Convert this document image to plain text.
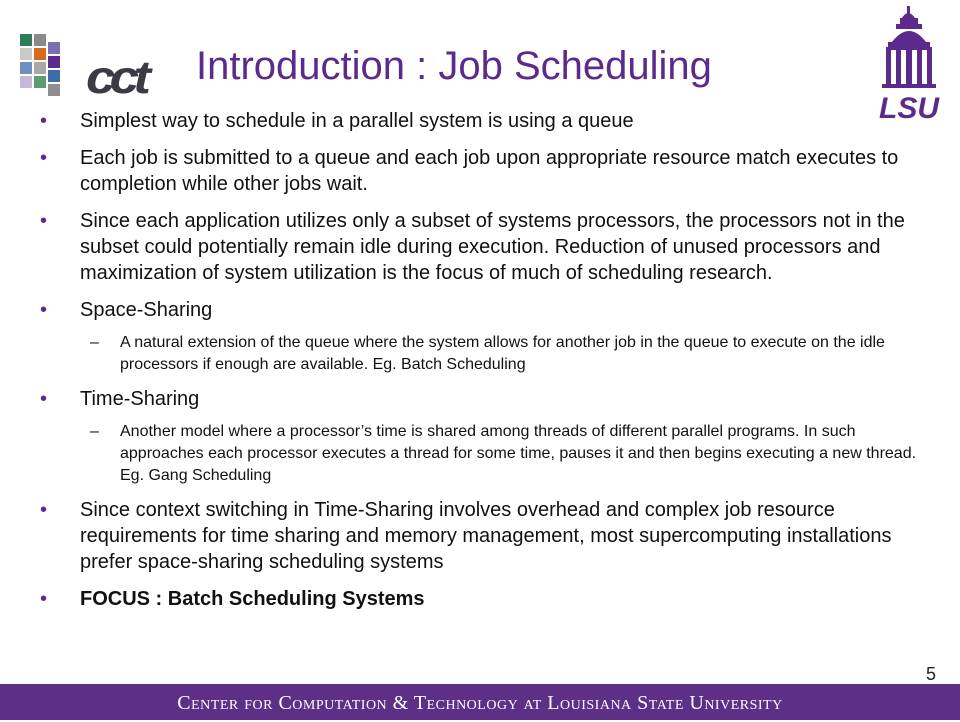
cct Introduction : Job Scheduling
LSU
• Simplest way to schedule in a parallel system is using a queue
• Each job is submitted to a queue and each job upon appropriate resource match executes to completion while other jobs wait.
• Since each application utilizes only a subset of systems processors, the processors not in the subset could potentially remain idle during execution. Reduction of unused processors and maximization of system utilization is the focus of much of scheduling research.
• Space-Sharing
– A natural extension of the queue where the system allows for another job in the queue to execute on the idle processors if enough are available. Eg. Batch Scheduling
• Time-Sharing
– Another model where a processor’s time is shared among threads of different parallel programs. In such approaches each processor executes a thread for some time, pauses it and then begins executing a new thread. Eg. Gang Scheduling
• Since context switching in Time-Sharing involves overhead and complex job resource requirements for time sharing and memory management, most supercomputing installations prefer space-sharing scheduling systems
• FOCUS : Batch Scheduling Systems
5
Center for Computation & Technology at Louisiana State University
